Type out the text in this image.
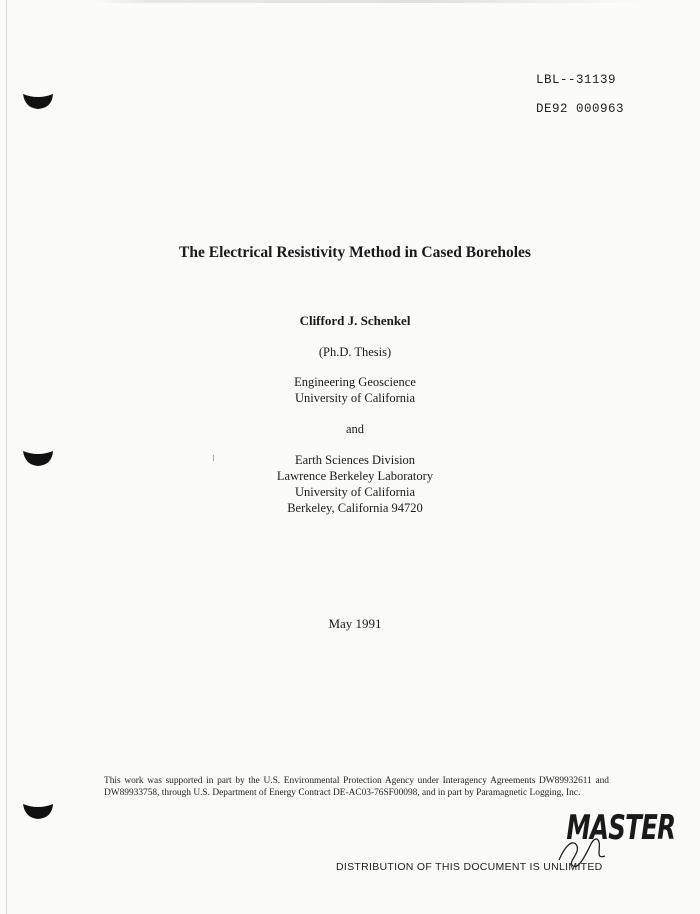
LBL--31139
DE92 000963
The Electrical Resistivity Method in Cased Boreholes
Clifford J. Schenkel
(Ph.D. Thesis)
Engineering Geoscience
University of California
and
Earth Sciences Division
Lawrence Berkeley Laboratory
University of California
Berkeley, California 94720
May 1991
This work was supported in part by the U.S. Environmental Protection Agency under Interagency Agreements DW89932611 and DW89933758, through U.S. Department of Energy Contract DE-AC03-76SF00098, and in part by Paramagnetic Logging, Inc.
MASTER
DISTRIBUTION OF THIS DOCUMENT IS UNLIMITED
